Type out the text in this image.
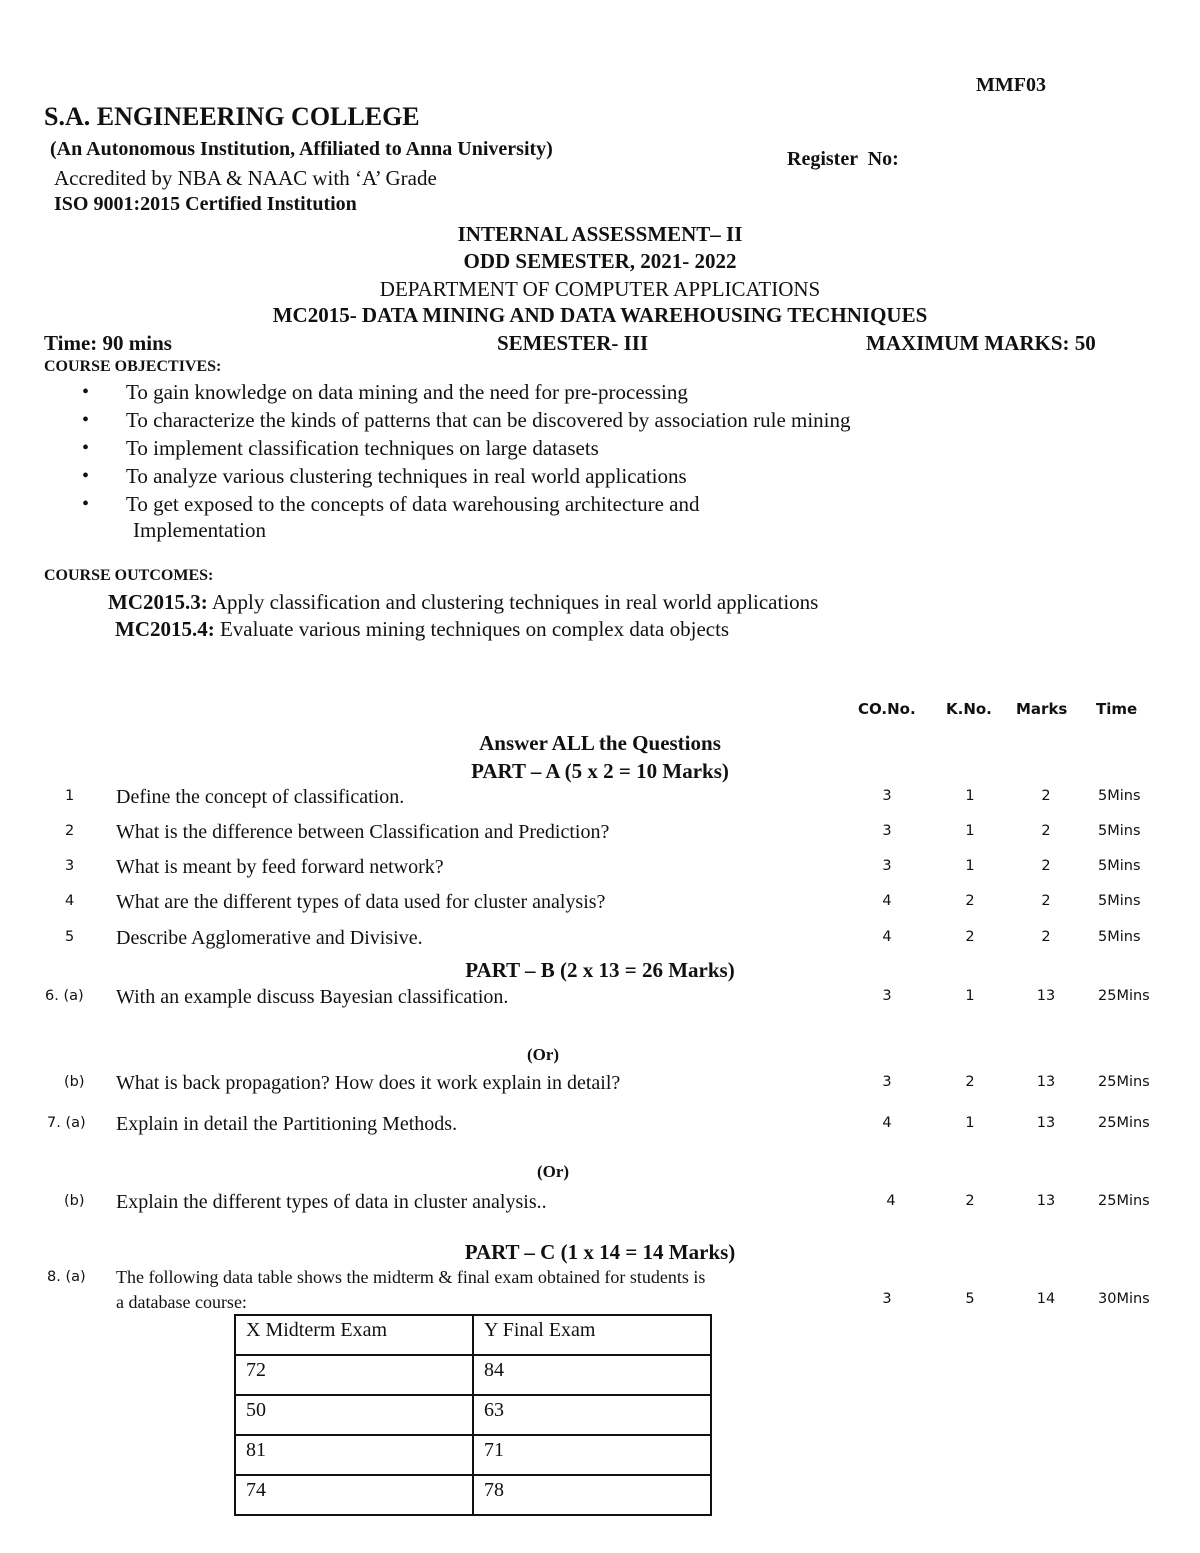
MMF03
S.A. ENGINEERING COLLEGE
(An Autonomous Institution, Affiliated to Anna University)
Accredited by NBA & NAAC with ‘A’ Grade
ISO 9001:2015 Certified Institution
Register  No:
INTERNAL ASSESSMENT– II
ODD SEMESTER, 2021- 2022
DEPARTMENT OF COMPUTER APPLICATIONS
MC2015- DATA MINING AND DATA WAREHOUSING TECHNIQUES
Time: 90 mins	SEMESTER- III	MAXIMUM MARKS: 50
COURSE OBJECTIVES:
• To gain knowledge on data mining and the need for pre-processing
• To characterize the kinds of patterns that can be discovered by association rule mining
• To implement classification techniques on large datasets
• To analyze various clustering techniques in real world applications
• To get exposed to the concepts of data warehousing architecture and
Implementation
COURSE OUTCOMES:
MC2015.3: Apply classification and clustering techniques in real world applications
MC2015.4: Evaluate various mining techniques on complex data objects
CO.No. K.No. Marks Time
Answer ALL the Questions
PART – A (5 x 2 = 10 Marks)
1 Define the concept of classification.	3	1	2	5Mins
2 What is the difference between Classification and Prediction?	3	1	2	5Mins
3 What is meant by feed forward network?	3	1	2	5Mins
4 What are the different types of data used for cluster analysis?	4	2	2	5Mins
5 Describe Agglomerative and Divisive.	4	2	2	5Mins
PART – B (2 x 13 = 26 Marks)
6. (a) With an example discuss Bayesian classification.	3	1	13	25Mins
(Or)
(b) What is back propagation? How does it work explain in detail?	3	2	13	25Mins
7. (a) Explain in detail the Partitioning Methods.	4	1	13	25Mins
(Or)
(b) Explain the different types of data in cluster analysis..	4	2	13	25Mins
PART – C (1 x 14 = 14 Marks)
8. (a) The following data table shows the midterm & final exam obtained for students is
a database course:	3	5	14	30Mins
X Midterm Exam	Y Final Exam
72	84
50	63
81	71
74	78
